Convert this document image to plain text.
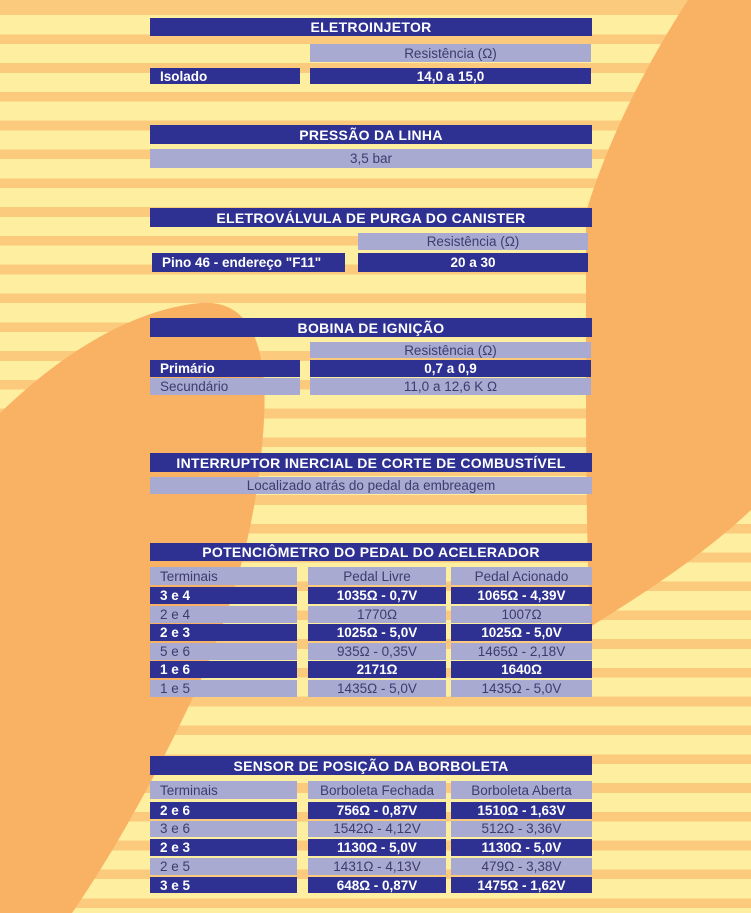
ELETROINJETOR
Resistência (Ω)
Isolado	14,0 a 15,0
PRESSÃO DA LINHA
3,5 bar
ELETROVÁLVULA DE PURGA DO CANISTER
Resistência (Ω)
Pino 46 - endereço "F11"	20 a 30
BOBINA DE IGNIÇÃO
Resistência (Ω)
Primário	0,7 a 0,9
Secundário	11,0 a 12,6 K Ω
INTERRUPTOR INERCIAL DE CORTE DE COMBUSTÍVEL
Localizado atrás do pedal da embreagem
POTENCIÔMETRO DO PEDAL DO ACELERADOR
Terminais	Pedal Livre	Pedal Acionado
3 e 4	1035Ω - 0,7V	1065Ω - 4,39V
2 e 4	1770Ω	1007Ω
2 e 3	1025Ω - 5,0V	1025Ω - 5,0V
5 e 6	935Ω - 0,35V	1465Ω - 2,18V
1 e 6	2171Ω	1640Ω
1 e 5	1435Ω - 5,0V	1435Ω - 5,0V
SENSOR DE POSIÇÃO DA BORBOLETA
Terminais	Borboleta Fechada	Borboleta Aberta
2 e 6	756Ω - 0,87V	1510Ω - 1,63V
3 e 6	1542Ω - 4,12V	512Ω - 3,36V
2 e 3	1130Ω - 5,0V	1130Ω - 5,0V
2 e 5	1431Ω - 4,13V	479Ω - 3,38V
3 e 5	648Ω - 0,87V	1475Ω - 1,62V
